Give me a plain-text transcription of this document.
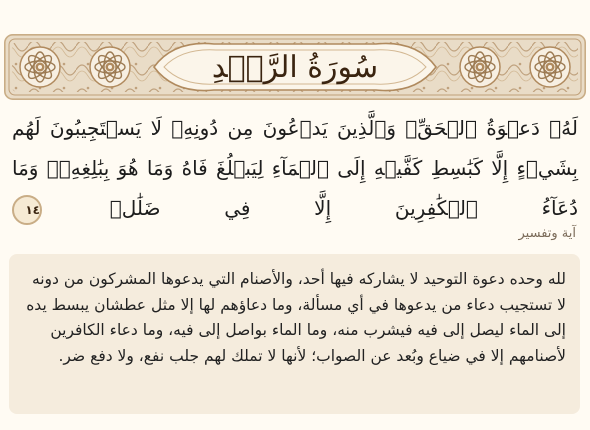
سُورَةُ الرَّعۡدِ

لَهُۥ دَعۡوَةُ ٱلۡحَقِّۚ وَٱلَّذِينَ يَدۡعُونَ مِن دُونِهِۦ لَا يَسۡتَجِيبُونَ لَهُم بِشَيۡءٍ إِلَّا كَبَٰسِطِ كَفَّيۡهِ إِلَى ٱلۡمَآءِ لِيَبۡلُغَ فَاهُ وَمَا هُوَ بِبَٰلِغِهِۦۚ وَمَا دُعَآءُ ٱلۡكَٰفِرِينَ إِلَّا فِي ضَلَٰلٖ ١٤

آية وتفسير

لله وحده دعوة التوحيد لا يشاركه فيها أحد، والأصنام التي يدعوها المشركون من دونه لا تستجيب دعاء من يدعوها في أي مسألة، وما دعاؤهم لها إلا مثل عطشان يبسط يده إلى الماء ليصل إلى فيه فيشرب منه، وما الماء بواصل إلى فيه، وما دعاء الكافرين لأصنامهم إلا في ضياع وبُعد عن الصواب؛ لأنها لا تملك لهم جلب نفع، ولا دفع ضر.
